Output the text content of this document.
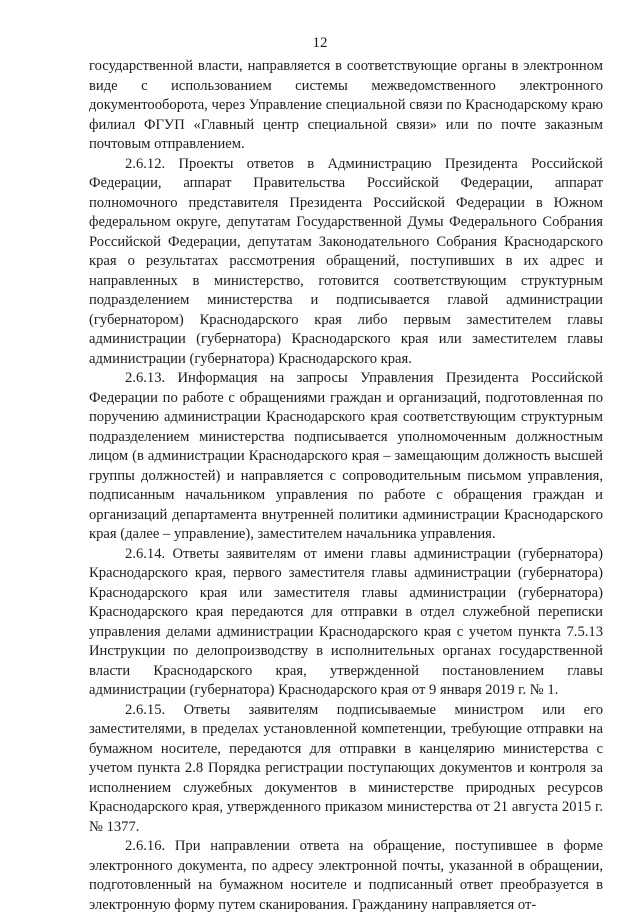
12

государственной власти, направляется в соответствующие органы в электронном виде с использованием системы межведомственного электронного документооборота, через Управление специальной связи по Краснодарскому краю филиал ФГУП «Главный центр специальной связи» или по почте заказным почтовым отправлением.

2.6.12. Проекты ответов в Администрацию Президента Российской Федерации, аппарат Правительства Российской Федерации, аппарат полномочного представителя Президента Российской Федерации в Южном федеральном округе, депутатам Государственной Думы Федерального Собрания Российской Федерации, депутатам Законодательного Собрания Краснодарского края о результатах рассмотрения обращений, поступивших в их адрес и направленных в министерство, готовится соответствующим структурным подразделением министерства и подписывается главой администрации (губернатором) Краснодарского края либо первым заместителем главы администрации (губернатора) Краснодарского края или заместителем главы администрации (губернатора) Краснодарского края.

2.6.13. Информация на запросы Управления Президента Российской Федерации по работе с обращениями граждан и организаций, подготовленная по поручению администрации Краснодарского края соответствующим структурным подразделением министерства подписывается уполномоченным должностным лицом (в администрации Краснодарского края – замещающим должность высшей группы должностей) и направляется с сопроводительным письмом управления, подписанным начальником управления по работе с обращения граждан и организаций департамента внутренней политики администрации Краснодарского края (далее – управление), заместителем начальника управления.

2.6.14. Ответы заявителям от имени главы администрации (губернатора) Краснодарского края, первого заместителя главы администрации (губернатора) Краснодарского края или заместителя главы администрации (губернатора) Краснодарского края передаются для отправки в отдел служебной переписки управления делами администрации Краснодарского края с учетом пункта 7.5.13 Инструкции по делопроизводству в исполнительных органах государственной власти Краснодарского края, утвержденной постановлением главы администрации (губернатора) Краснодарского края от 9 января 2019 г. № 1.

2.6.15. Ответы заявителям подписываемые министром или его заместителями, в пределах установленной компетенции, требующие отправки на бумажном носителе, передаются для отправки в канцелярию министерства с учетом пункта 2.8 Порядка регистрации поступающих документов и контроля за исполнением служебных документов в министерстве природных ресурсов Краснодарского края, утвержденного приказом министерства от 21 августа 2015 г. № 1377.

2.6.16. При направлении ответа на обращение, поступившее в форме электронного документа, по адресу электронной почты, указанной в обращении, подготовленный на бумажном носителе и подписанный ответ преобразуется в электронную форму путем сканирования. Гражданину направляется от-
